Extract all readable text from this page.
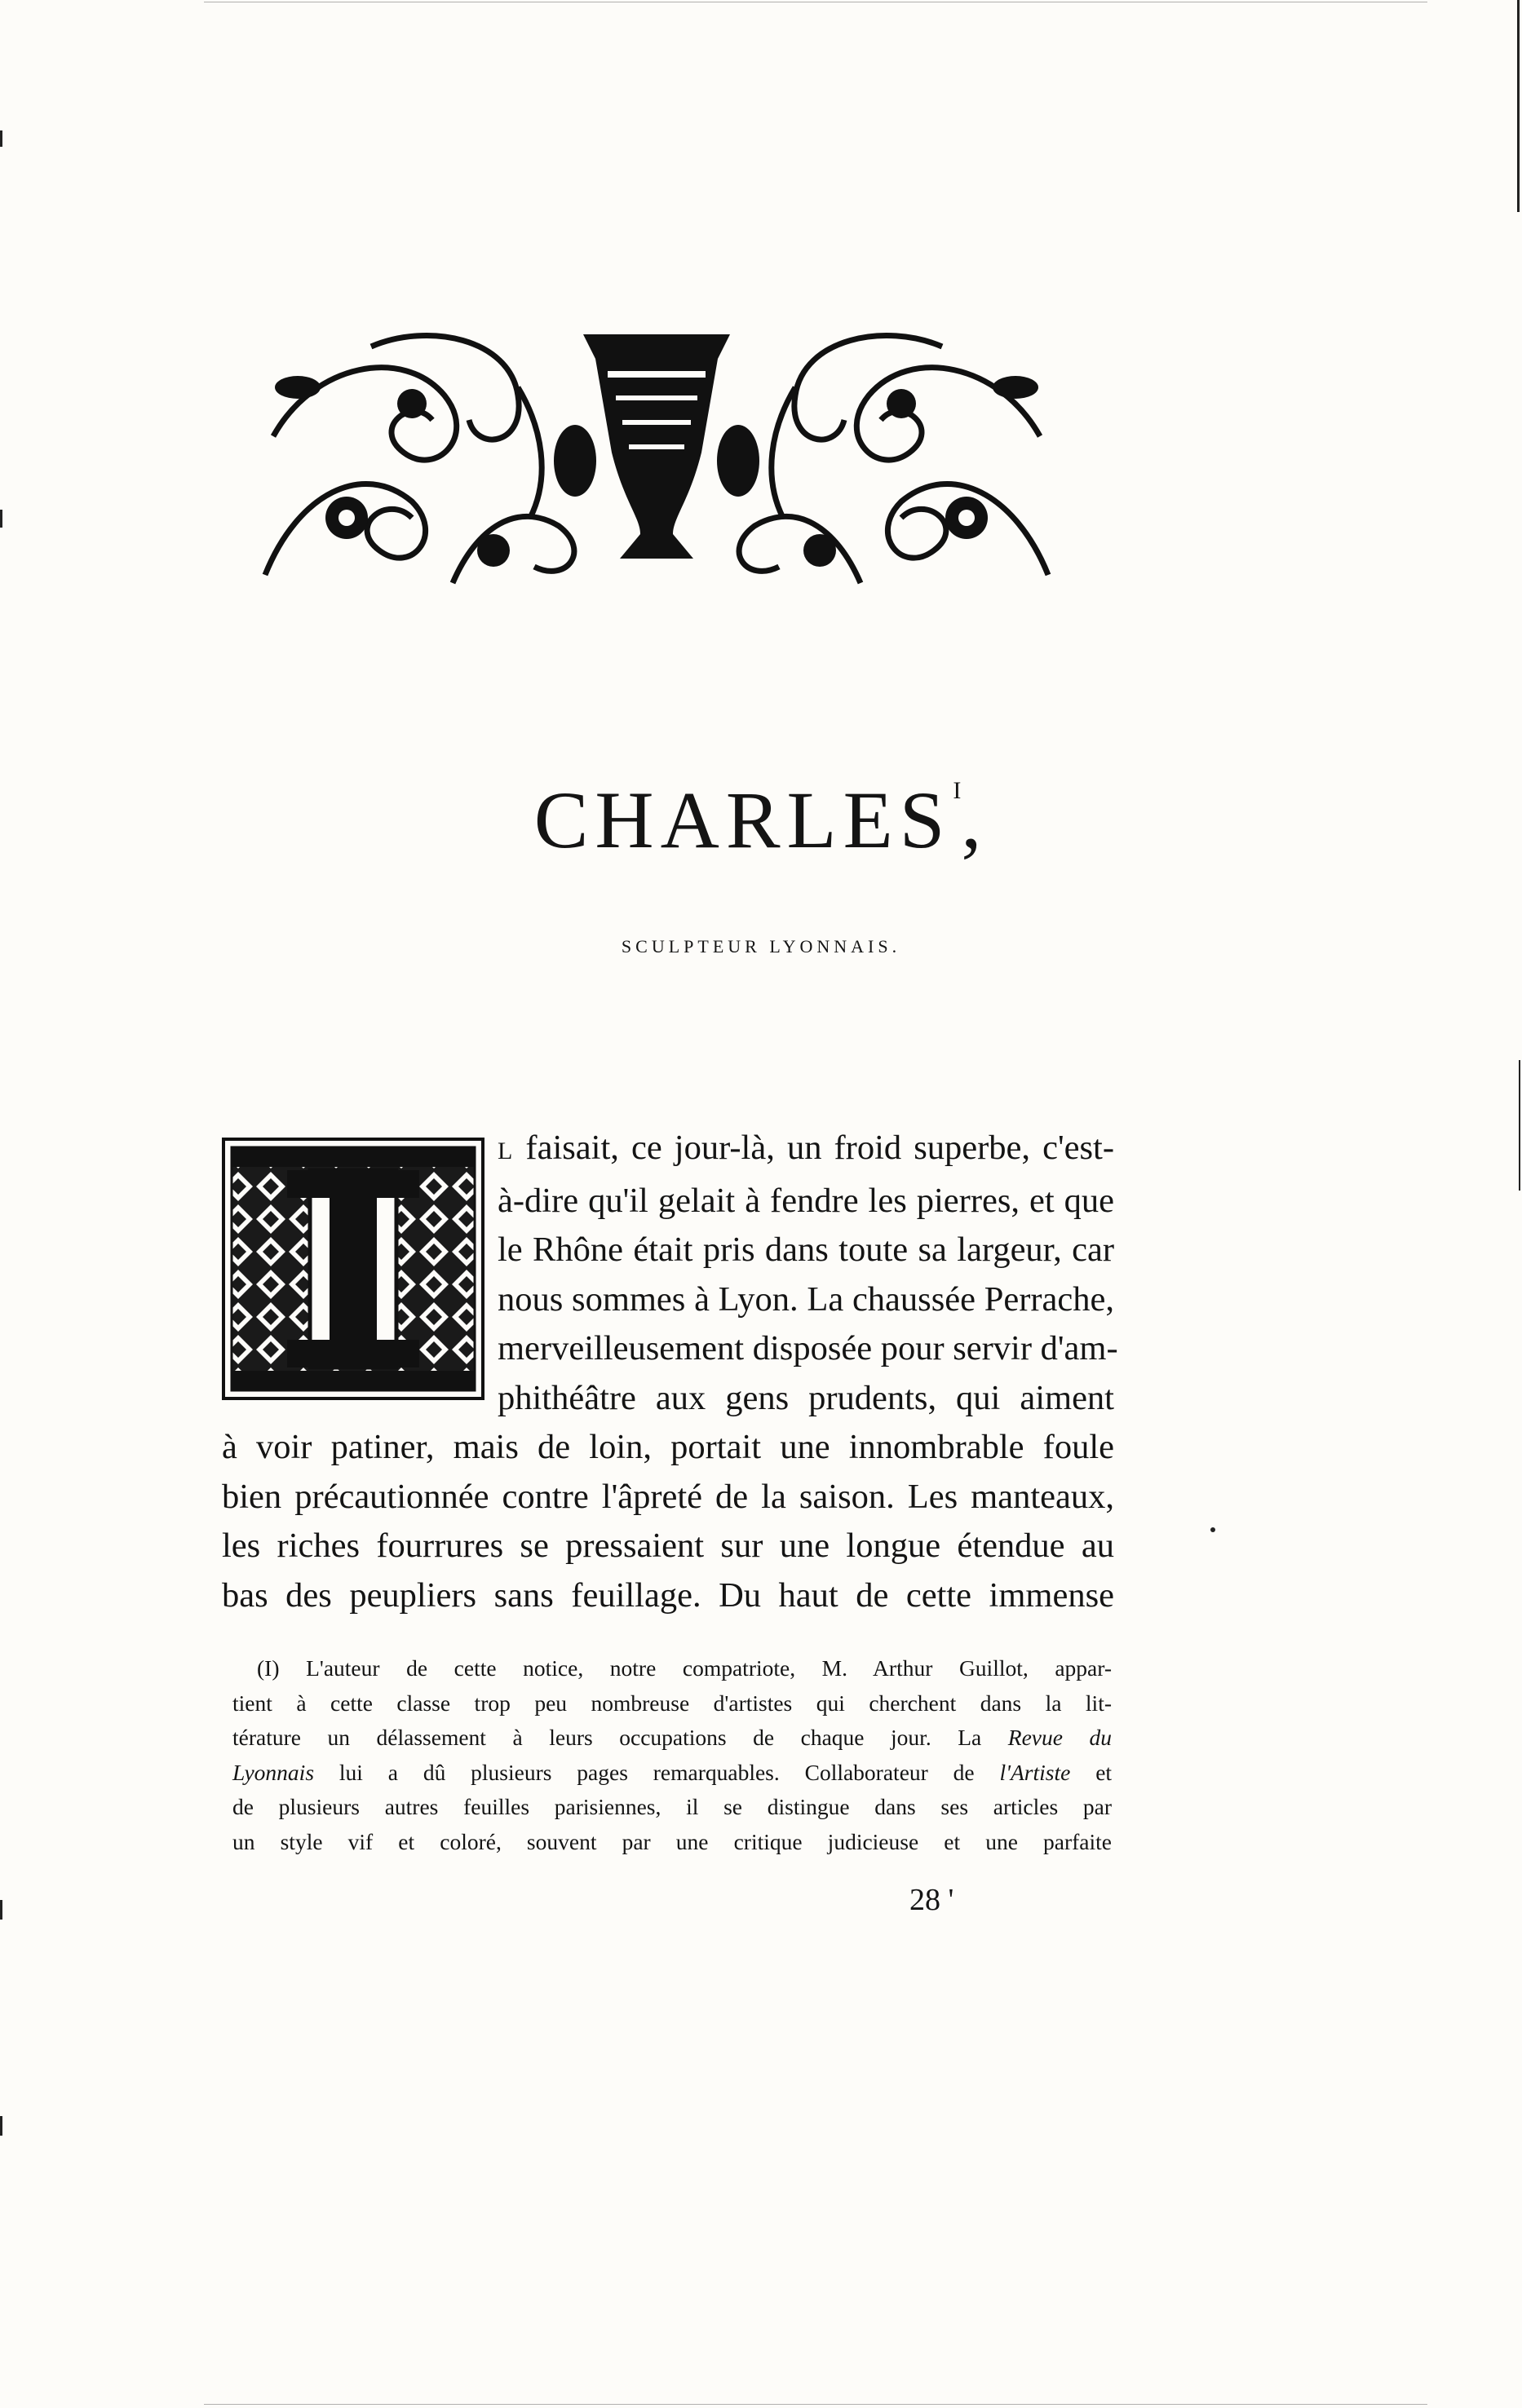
$CHARLES^I$,
SCULPTEUR LYONNAIS.
L faisait, ce jour-là, un froid superbe, c'est-
à-dire qu'il gelait à fendre les pierres, et que
le Rhône était pris dans toute sa largeur, car
nous sommes à Lyon. La chaussée Perrache,
merveilleusement disposée pour servir d'am-
phithéâtre aux gens prudents, qui aiment
à voir patiner, mais de loin, portait une innombrable foule
bien précautionnée contre l'âpreté de la saison. Les manteaux,
les riches fourrures se pressaient sur une longue étendue au
bas des peupliers sans feuillage. Du haut de cette immense
(I) L'auteur de cette notice, notre compatriote, M. Arthur Guillot, appar-
tient à cette classe trop peu nombreuse d'artistes qui cherchent dans la lit-
térature un délassement à leurs occupations de chaque jour. La Revue du
Lyonnais lui a dû plusieurs pages remarquables. Collaborateur de l'Artiste et
de plusieurs autres feuilles parisiennes, il se distingue dans ses articles par
un style vif et coloré, souvent par une critique judicieuse et une parfaite
28 '
